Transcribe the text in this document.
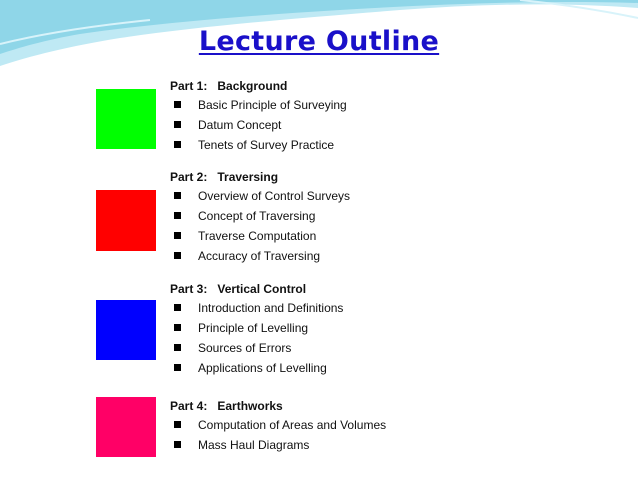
Lecture Outline
Part 1:   Background
Basic Principle of Surveying
Datum Concept
Tenets of Survey Practice
Part 2:   Traversing
Overview of Control Surveys
Concept of Traversing
Traverse Computation
Accuracy of Traversing
Part 3:   Vertical Control
Introduction and Definitions
Principle of Levelling
Sources of Errors
Applications of Levelling
Part 4:   Earthworks
Computation of Areas and Volumes
Mass Haul Diagrams
